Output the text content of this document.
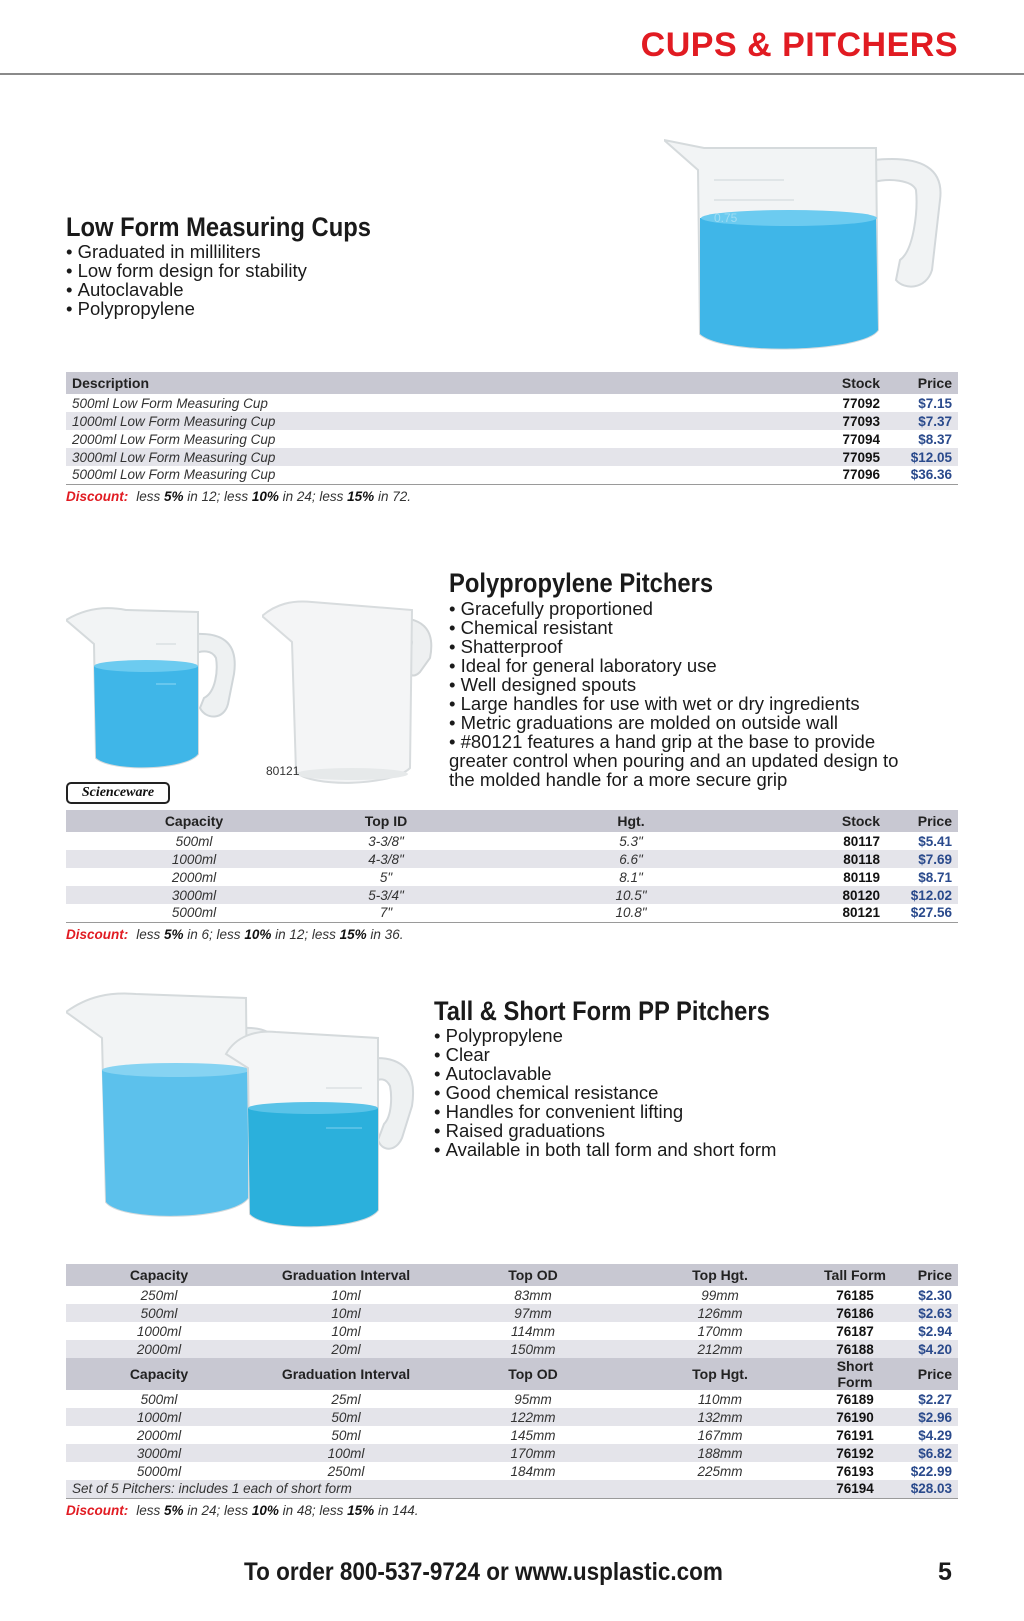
CUPS & PITCHERS
Low Form Measuring Cups
• Graduated in milliliters
• Low form design for stability
• Autoclavable
• Polypropylene
0.75
Description	Stock	Price
500ml Low Form Measuring Cup	77092	$7.15
1000ml Low Form Measuring Cup	77093	$7.37
2000ml Low Form Measuring Cup	77094	$8.37
3000ml Low Form Measuring Cup	77095	$12.05
5000ml Low Form Measuring Cup	77096	$36.36
Discount: less 5% in 12; less 10% in 24; less 15% in 72.
80121
Scienceware
Polypropylene Pitchers
• Gracefully proportioned
• Chemical resistant
• Shatterproof
• Ideal for general laboratory use
• Well designed spouts
• Large handles for use with wet or dry ingredients
• Metric graduations are molded on outside wall
• #80121 features a hand grip at the base to provide
greater control when pouring and an updated design to
the molded handle for a more secure grip
Capacity	Top ID	Hgt.	Stock	Price
500ml	3-3/8"	5.3"	80117	$5.41
1000ml	4-3/8"	6.6"	80118	$7.69
2000ml	5"	8.1"	80119	$8.71
3000ml	5-3/4"	10.5"	80120	$12.02
5000ml	7"	10.8"	80121	$27.56
Discount: less 5% in 6; less 10% in 12; less 15% in 36.
Tall & Short Form PP Pitchers
• Polypropylene
• Clear
• Autoclavable
• Good chemical resistance
• Handles for convenient lifting
• Raised graduations
• Available in both tall form and short form
Capacity	Graduation Interval	Top OD	Top Hgt.	Tall Form	Price
250ml	10ml	83mm	99mm	76185	$2.30
500ml	10ml	97mm	126mm	76186	$2.63
1000ml	10ml	114mm	170mm	76187	$2.94
2000ml	20ml	150mm	212mm	76188	$4.20
Capacity	Graduation Interval	Top OD	Top Hgt.	Short Form	Price
500ml	25ml	95mm	110mm	76189	$2.27
1000ml	50ml	122mm	132mm	76190	$2.96
2000ml	50ml	145mm	167mm	76191	$4.29
3000ml	100ml	170mm	188mm	76192	$6.82
5000ml	250ml	184mm	225mm	76193	$22.99
Set of 5 Pitchers: includes 1 each of short form				76194	$28.03
Discount: less 5% in 24; less 10% in 48; less 15% in 144.
To order 800-537-9724 or www.usplastic.com	5
